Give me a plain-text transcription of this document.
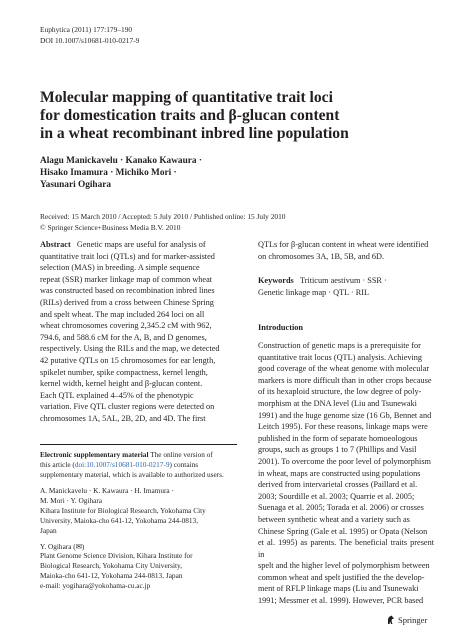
Euphytica (2011) 177:179–190
DOI 10.1007/s10681-010-0217-9
Molecular mapping of quantitative trait loci
for domestication traits and β-glucan content
in a wheat recombinant inbred line population
Alagu Manickavelu · Kanako Kawaura ·
Hisako Imamura · Michiko Mori ·
Yasunari Ogihara
Received: 15 March 2010 / Accepted: 5 July 2010 / Published online: 15 July 2010
© Springer Science+Business Media B.V. 2010
Abstract Genetic maps are useful for analysis of
quantitative trait loci (QTLs) and for marker-assisted
selection (MAS) in breeding. A simple sequence
repeat (SSR) marker linkage map of common wheat
was constructed based on recombination inbred lines
(RILs) derived from a cross between Chinese Spring
and spelt wheat. The map included 264 loci on all
wheat chromosomes covering 2,345.2 cM with 962,
794.6, and 588.6 cM for the A, B, and D genomes,
respectively. Using the RILs and the map, we detected
42 putative QTLs on 15 chromosomes for ear length,
spikelet number, spike compactness, kernel length,
kernel width, kernel height and β-glucan content.
Each QTL explained 4–45% of the phenotypic
variation. Five QTL cluster regions were detected on
chromosomes 1A, 5AL, 2B, 2D, and 4D. The first
Electronic supplementary material The online version of
this article (doi:10.1007/s10681-010-0217-9) contains
supplementary material, which is available to authorized users.
A. Manickavelu · K. Kawaura · H. Imamura ·
M. Mori · Y. Ogihara
Kihara Institute for Biological Research, Yokohama City
University, Maioka-cho 641-12, Yokohama 244-0813,
Japan
Y. Ogihara (✉)
Plant Genome Science Division, Kihara Institute for
Biological Research, Yokohama City University,
Maioka-cho 641-12, Yokohama 244-0813, Japan
e-mail: yogihara@yokohama-cu.ac.jp
QTLs for β-glucan content in wheat were identified
on chromosomes 3A, 1B, 5B, and 6D.
Keywords Triticum aestivum · SSR ·
Genetic linkage map · QTL · RIL
Introduction
Construction of genetic maps is a prerequisite for
quantitative trait locus (QTL) analysis. Achieving
good coverage of the wheat genome with molecular
markers is more difficult than in other crops because
of its hexaploid structure, the low degree of poly-
morphism at the DNA level (Liu and Tsunewaki
1991) and the huge genome size (16 Gb, Bennet and
Leitch 1995). For these reasons, linkage maps were
published in the form of separate homoeologous
groups, such as groups 1 to 7 (Phillips and Vasil
2001). To overcome the poor level of polymorphism
in wheat, maps are constructed using populations
derived from intervarietal crosses (Paillard et al.
2003; Sourdille et al. 2003; Quarrie et al. 2005;
Suenaga et al. 2005; Torada et al. 2006) or crosses
between synthetic wheat and a variety such as
Chinese Spring (Gale et al. 1995) or Opata (Nelson
et al. 1995) as parents. The beneficial traits present in
spelt and the higher level of polymorphism between
common wheat and spelt justified the the develop-
ment of RFLP linkage maps (Liu and Tsunewaki
1991; Messmer et al. 1999). However, PCR based
Springer
